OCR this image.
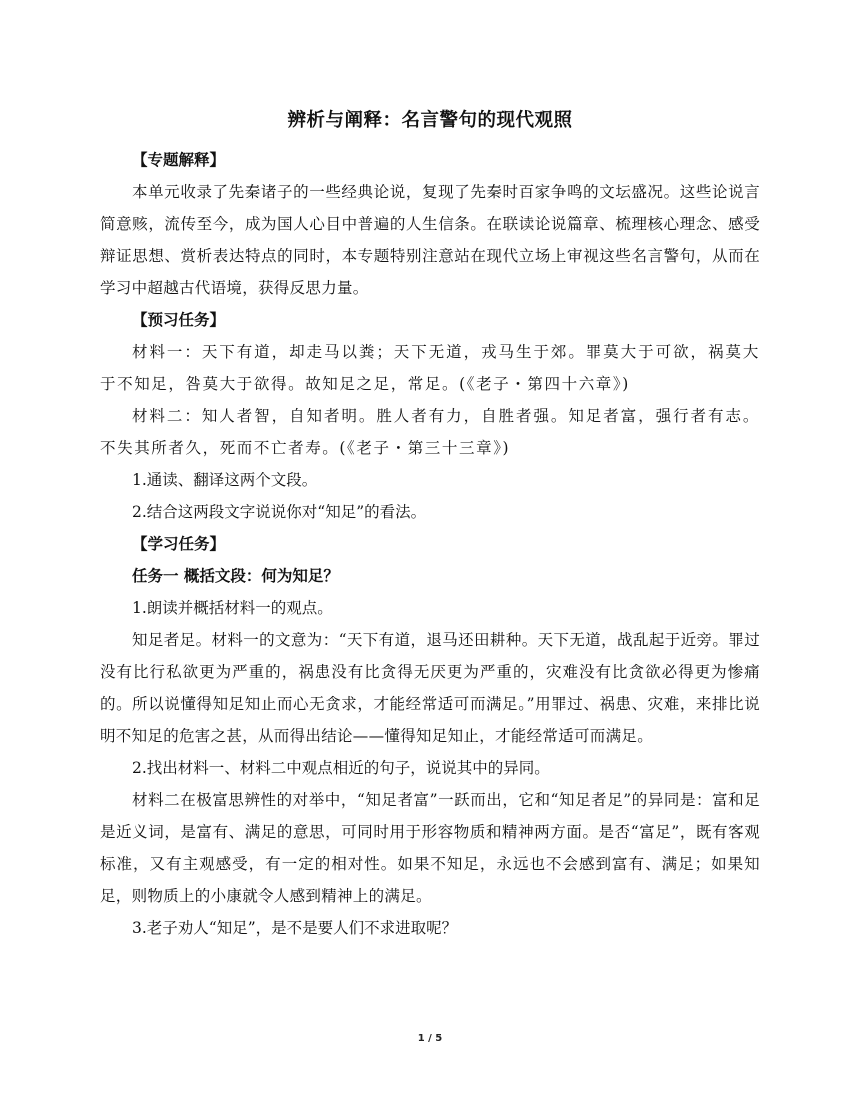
辨析与阐释：名言警句的现代观照

【专题解释】

本单元收录了先秦诸子的一些经典论说，复现了先秦时百家争鸣的文坛盛况。这些论说言简意赅，流传至今，成为国人心目中普遍的人生信条。在联读论说篇章、梳理核心理念、感受辩证思想、赏析表达特点的同时，本专题特别注意站在现代立场上审视这些名言警句，从而在学习中超越古代语境，获得反思力量。

【预习任务】

材料一：天下有道，却走马以粪；天下无道，戎马生于郊。罪莫大于可欲，祸莫大于不知足，咎莫大于欲得。故知足之足，常足。(《老子・第四十六章》)

材料二：知人者智，自知者明。胜人者有力，自胜者强。知足者富，强行者有志。不失其所者久，死而不亡者寿。(《老子・第三十三章》)

1.通读、翻译这两个文段。

2.结合这两段文字说说你对“知足”的看法。

【学习任务】

任务一 概括文段：何为知足？

1.朗读并概括材料一的观点。

知足者足。材料一的文意为：“天下有道，退马还田耕种。天下无道，战乱起于近旁。罪过没有比行私欲更为严重的，祸患没有比贪得无厌更为严重的，灾难没有比贪欲必得更为惨痛的。所以说懂得知足知止而心无贪求，才能经常适可而满足。”用罪过、祸患、灾难，来排比说明不知足的危害之甚，从而得出结论——懂得知足知止，才能经常适可而满足。

2.找出材料一、材料二中观点相近的句子，说说其中的异同。

材料二在极富思辨性的对举中，“知足者富”一跃而出，它和“知足者足”的异同是：富和足是近义词，是富有、满足的意思，可同时用于形容物质和精神两方面。是否“富足”，既有客观标准，又有主观感受，有一定的相对性。如果不知足，永远也不会感到富有、满足；如果知足，则物质上的小康就令人感到精神上的满足。

3.老子劝人“知足”，是不是要人们不求进取呢？

1 / 5
